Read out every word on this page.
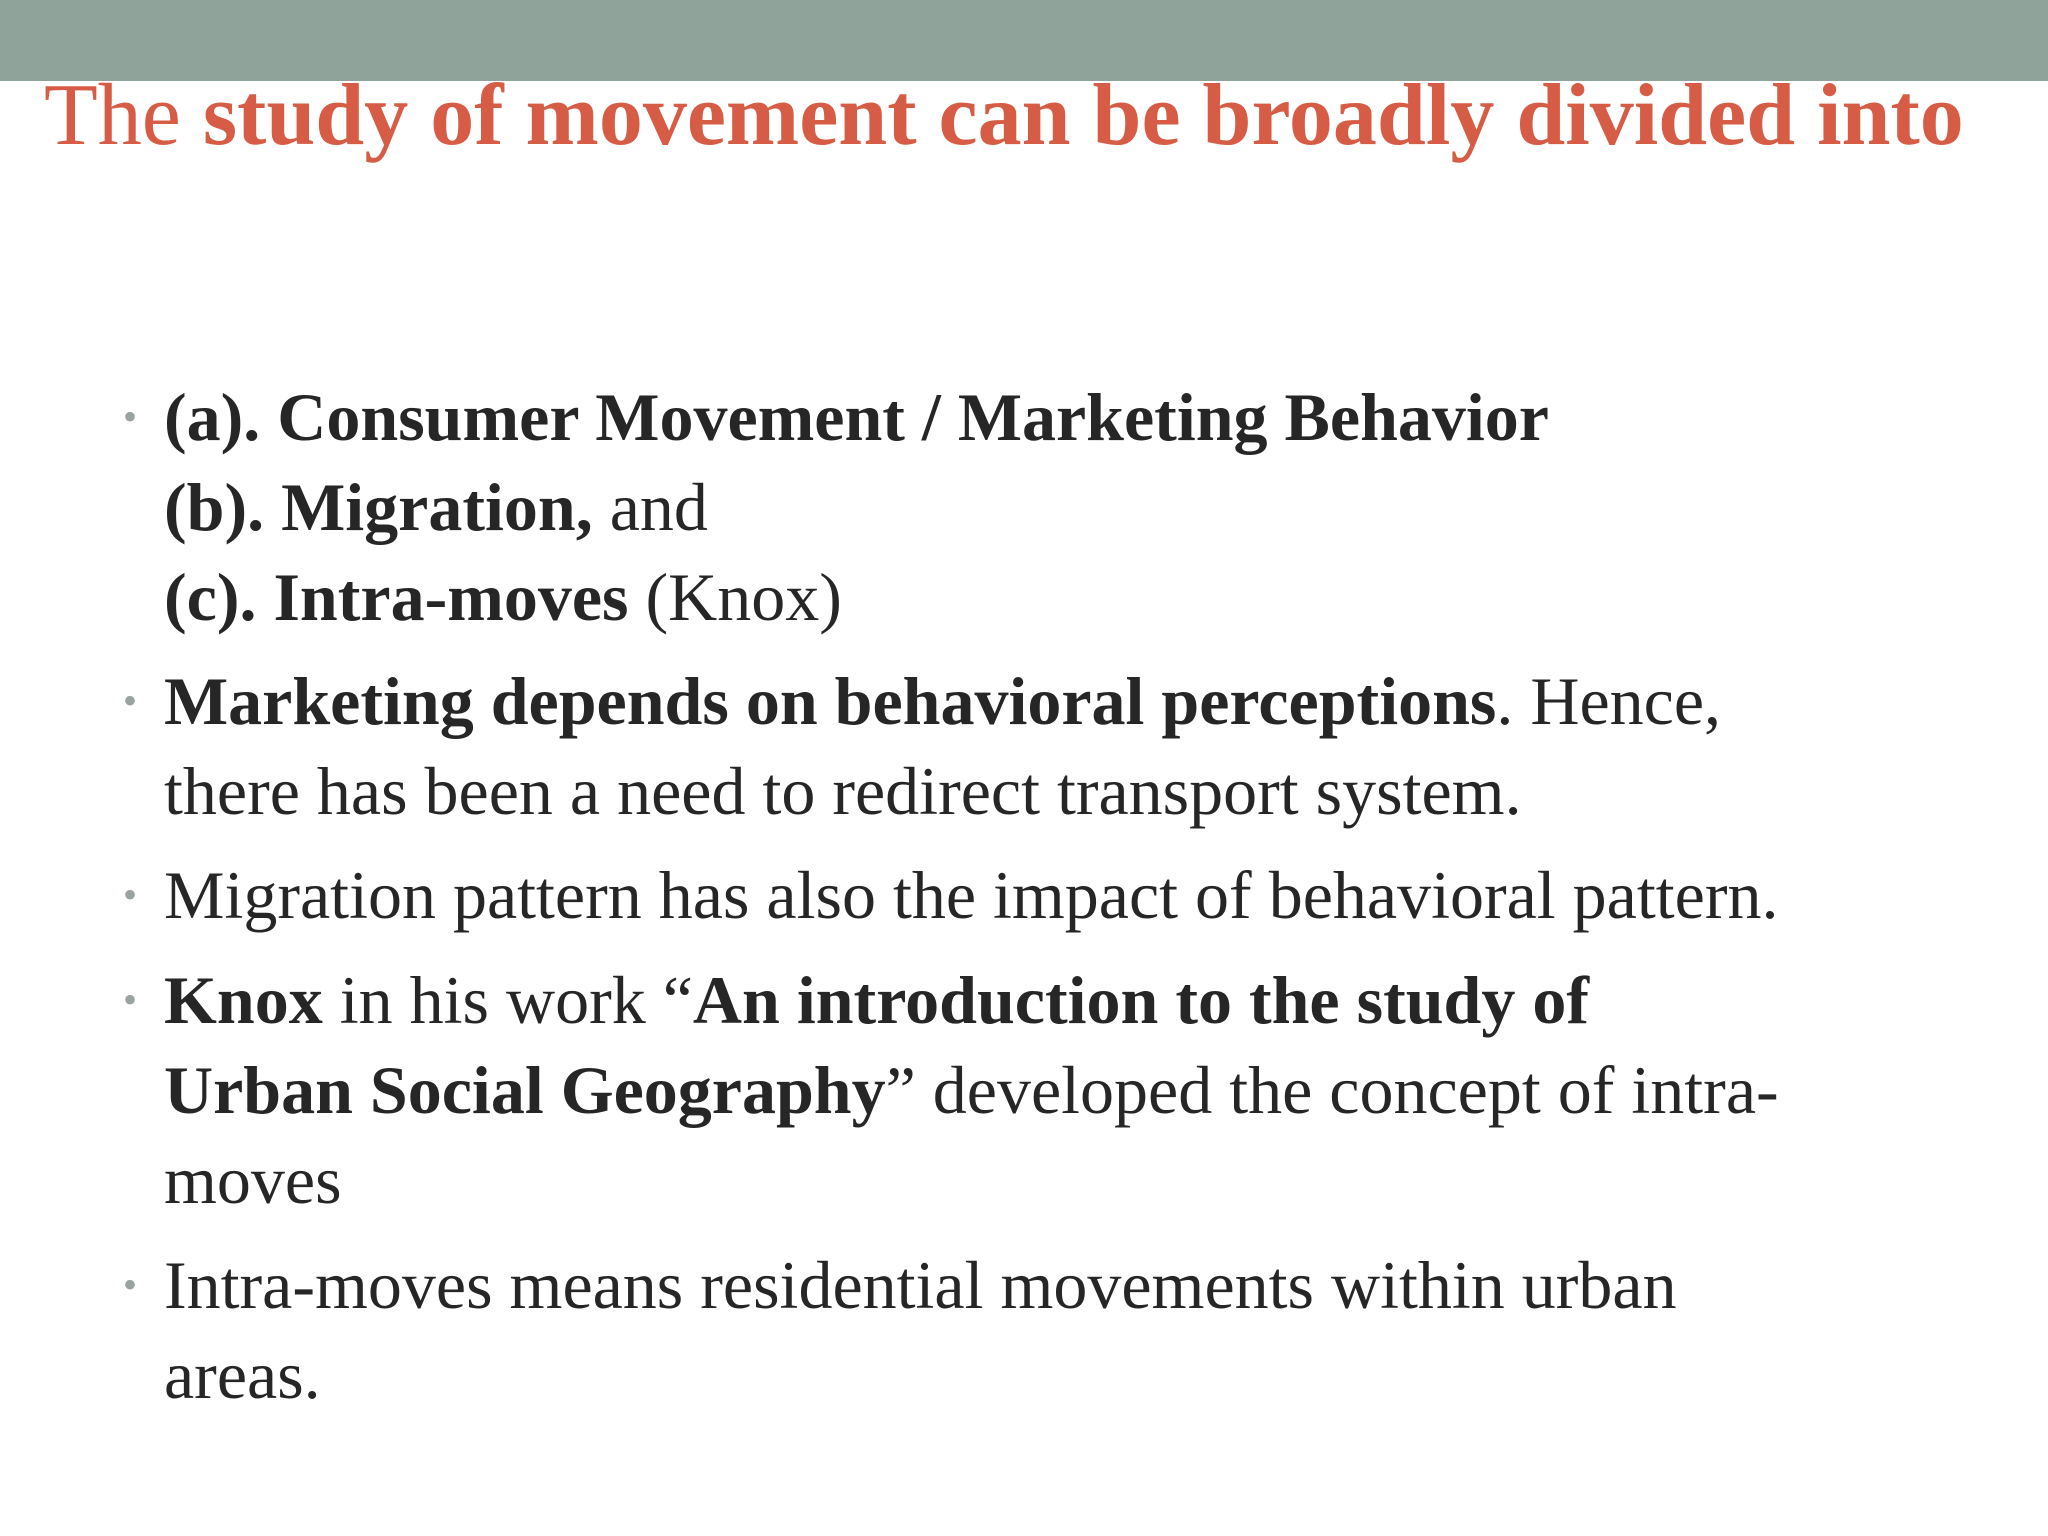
The study of movement can be broadly divided into
• (a). Consumer Movement / Marketing Behavior
(b). Migration, and
(c). Intra-moves (Knox)
• Marketing depends on behavioral perceptions. Hence,
there has been a need to redirect transport system.
• Migration pattern has also the impact of behavioral pattern.
• Knox in his work “An introduction to the study of
Urban Social Geography” developed the concept of intra-
moves
• Intra-moves means residential movements within urban
areas.
